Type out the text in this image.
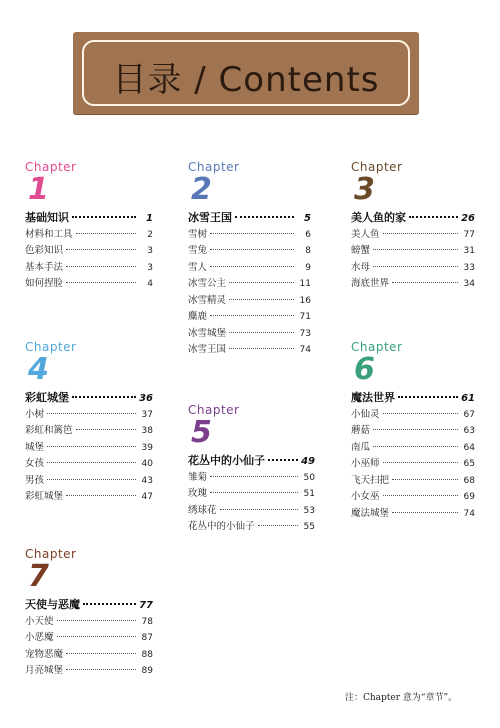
目录 / Contents
Chapter
1
基础知识	1
材料和工具	2
色彩知识	3
基本手法	3
如何捏脸	4
Chapter
2
冰雪王国	5
雪树	6
雪兔	8
雪人	9
冰雪公主	11
冰雪精灵	16
麋鹿	71
冰雪城堡	73
冰雪王国	74
Chapter
3
美人鱼的家	26
美人鱼	77
螃蟹	31
水母	33
海底世界	34
Chapter
4
彩虹城堡	36
小树	37
彩虹和篱笆	38
城堡	39
女孩	40
男孩	43
彩虹城堡	47
Chapter
5
花丛中的小仙子	49
雏菊	50
玫瑰	51
绣球花	53
花丛中的小仙子	55
Chapter
6
魔法世界	61
小仙灵	67
蘑菇	63
南瓜	64
小巫师	65
飞天扫把	68
小女巫	69
魔法城堡	74
Chapter
7
天使与恶魔	77
小天使	78
小恶魔	87
宠物恶魔	88
月亮城堡	89
注：Chapter 意为“章节”。
